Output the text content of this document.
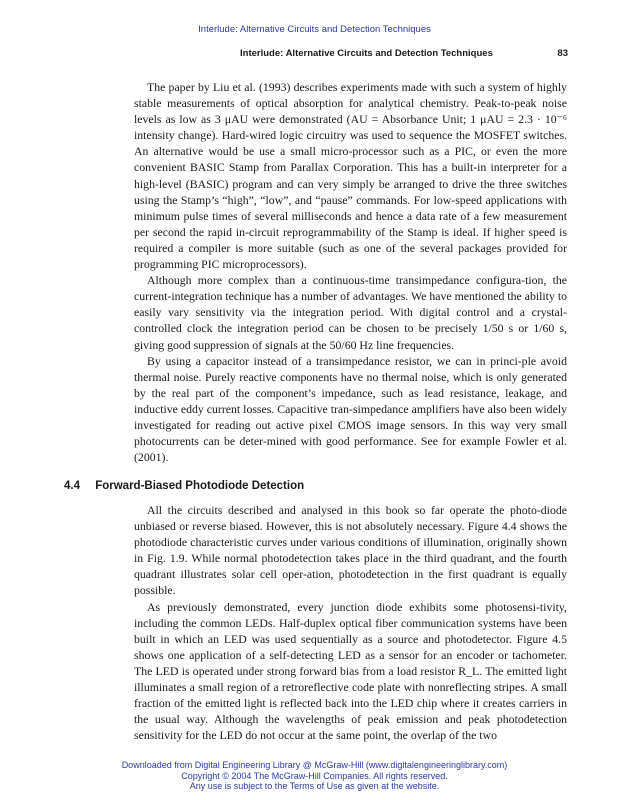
Interlude: Alternative Circuits and Detection Techniques
Interlude: Alternative Circuits and Detection Techniques	83

The paper by Liu et al. (1993) describes experiments made with such a system of highly stable measurements of optical absorption for analytical chemistry. Peak-to-peak noise levels as low as 3 μAU were demonstrated (AU = Absorbance Unit; 1 μAU = 2.3 · 10⁻⁶ intensity change). Hard-wired logic circuitry was used to sequence the MOSFET switches. An alternative would be use a small micro-processor such as a PIC, or even the more convenient BASIC Stamp from Parallax Corporation. This has a built-in interpreter for a high-level (BASIC) program and can very simply be arranged to drive the three switches using the Stamp’s “high”, “low”, and “pause” commands. For low-speed applications with minimum pulse times of several milliseconds and hence a data rate of a few measurement per second the rapid in-circuit reprogrammability of the Stamp is ideal. If higher speed is required a compiler is more suitable (such as one of the several packages provided for programming PIC microprocessors).

Although more complex than a continuous-time transimpedance configura-tion, the current-integration technique has a number of advantages. We have mentioned the ability to easily vary sensitivity via the integration period. With digital control and a crystal-controlled clock the integration period can be chosen to be precisely 1/50 s or 1/60 s, giving good suppression of signals at the 50/60 Hz line frequencies.

By using a capacitor instead of a transimpedance resistor, we can in princi-ple avoid thermal noise. Purely reactive components have no thermal noise, which is only generated by the real part of the component’s impedance, such as lead resistance, leakage, and inductive eddy current losses. Capacitive tran-simpedance amplifiers have also been widely investigated for reading out active pixel CMOS image sensors. In this way very small photocurrents can be deter-mined with good performance. See for example Fowler et al. (2001).

4.4 Forward-Biased Photodiode Detection

All the circuits described and analysed in this book so far operate the photo-diode unbiased or reverse biased. However, this is not absolutely necessary. Figure 4.4 shows the photodiode characteristic curves under various conditions of illumination, originally shown in Fig. 1.9. While normal photodetection takes place in the third quadrant, and the fourth quadrant illustrates solar cell oper-ation, photodetection in the first quadrant is equally possible.

As previously demonstrated, every junction diode exhibits some photosensi-tivity, including the common LEDs. Half-duplex optical fiber communication systems have been built in which an LED was used sequentially as a source and photodetector. Figure 4.5 shows one application of a self-detecting LED as a sensor for an encoder or tachometer. The LED is operated under strong forward bias from a load resistor R_L. The emitted light illuminates a small region of a retroreflective code plate with nonreflecting stripes. A small fraction of the emitted light is reflected back into the LED chip where it creates carriers in the usual way. Although the wavelengths of peak emission and peak photodetection sensitivity for the LED do not occur at the same point, the overlap of the two

Downloaded from Digital Engineering Library @ McGraw-Hill (www.digitalengineeringlibrary.com)
Copyright © 2004 The McGraw-Hill Companies. All rights reserved.
Any use is subject to the Terms of Use as given at the website.
